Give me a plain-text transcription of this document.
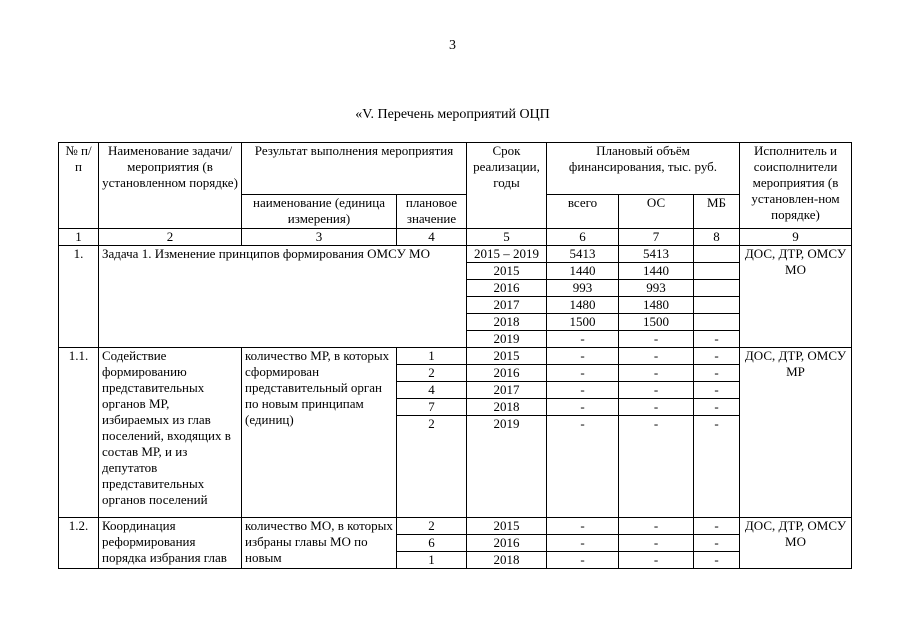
3
«V. Перечень мероприятий ОЦП
№ п/п	Наименование задачи/мероприятия (в установленном порядке)	Результат выполнения мероприятия		Срок реализации, годы	Плановый объём финансирования, тыс. руб.			Исполнитель и соисполнители мероприятия (в установлен-ном порядке)
		наименование (единица измерения)	плановое значение		всего	ОС	МБ	
1	2	3	4	5	6	7	8	9
1.	Задача 1. Изменение принципов формирования ОМСУ МО			2015 – 2019	5413	5413		ДОС, ДТР, ОМСУ МО
				2015	1440	1440		
				2016	993	993		
				2017	1480	1480		
				2018	1500	1500		
				2019	-	-	-	
1.1.	Содействие формированию представительных органов МР, избираемых из глав поселений, входящих в состав МР, и из депутатов представительных органов поселений	количество МР, в которых сформирован представительный орган по новым принципам (единиц)	1	2015	-	-	-	ДОС, ДТР, ОМСУ МР
			2	2016	-	-	-	
			4	2017	-	-	-	
			7	2018	-	-	-	
			2	2019	-	-	-	
1.2.	Координация реформирования порядка избрания глав	количество МО, в которых избраны главы МО по новым	2	2015	-	-	-	ДОС, ДТР, ОМСУ МО
			6	2016	-	-	-	
			1	2018	-	-	-	
